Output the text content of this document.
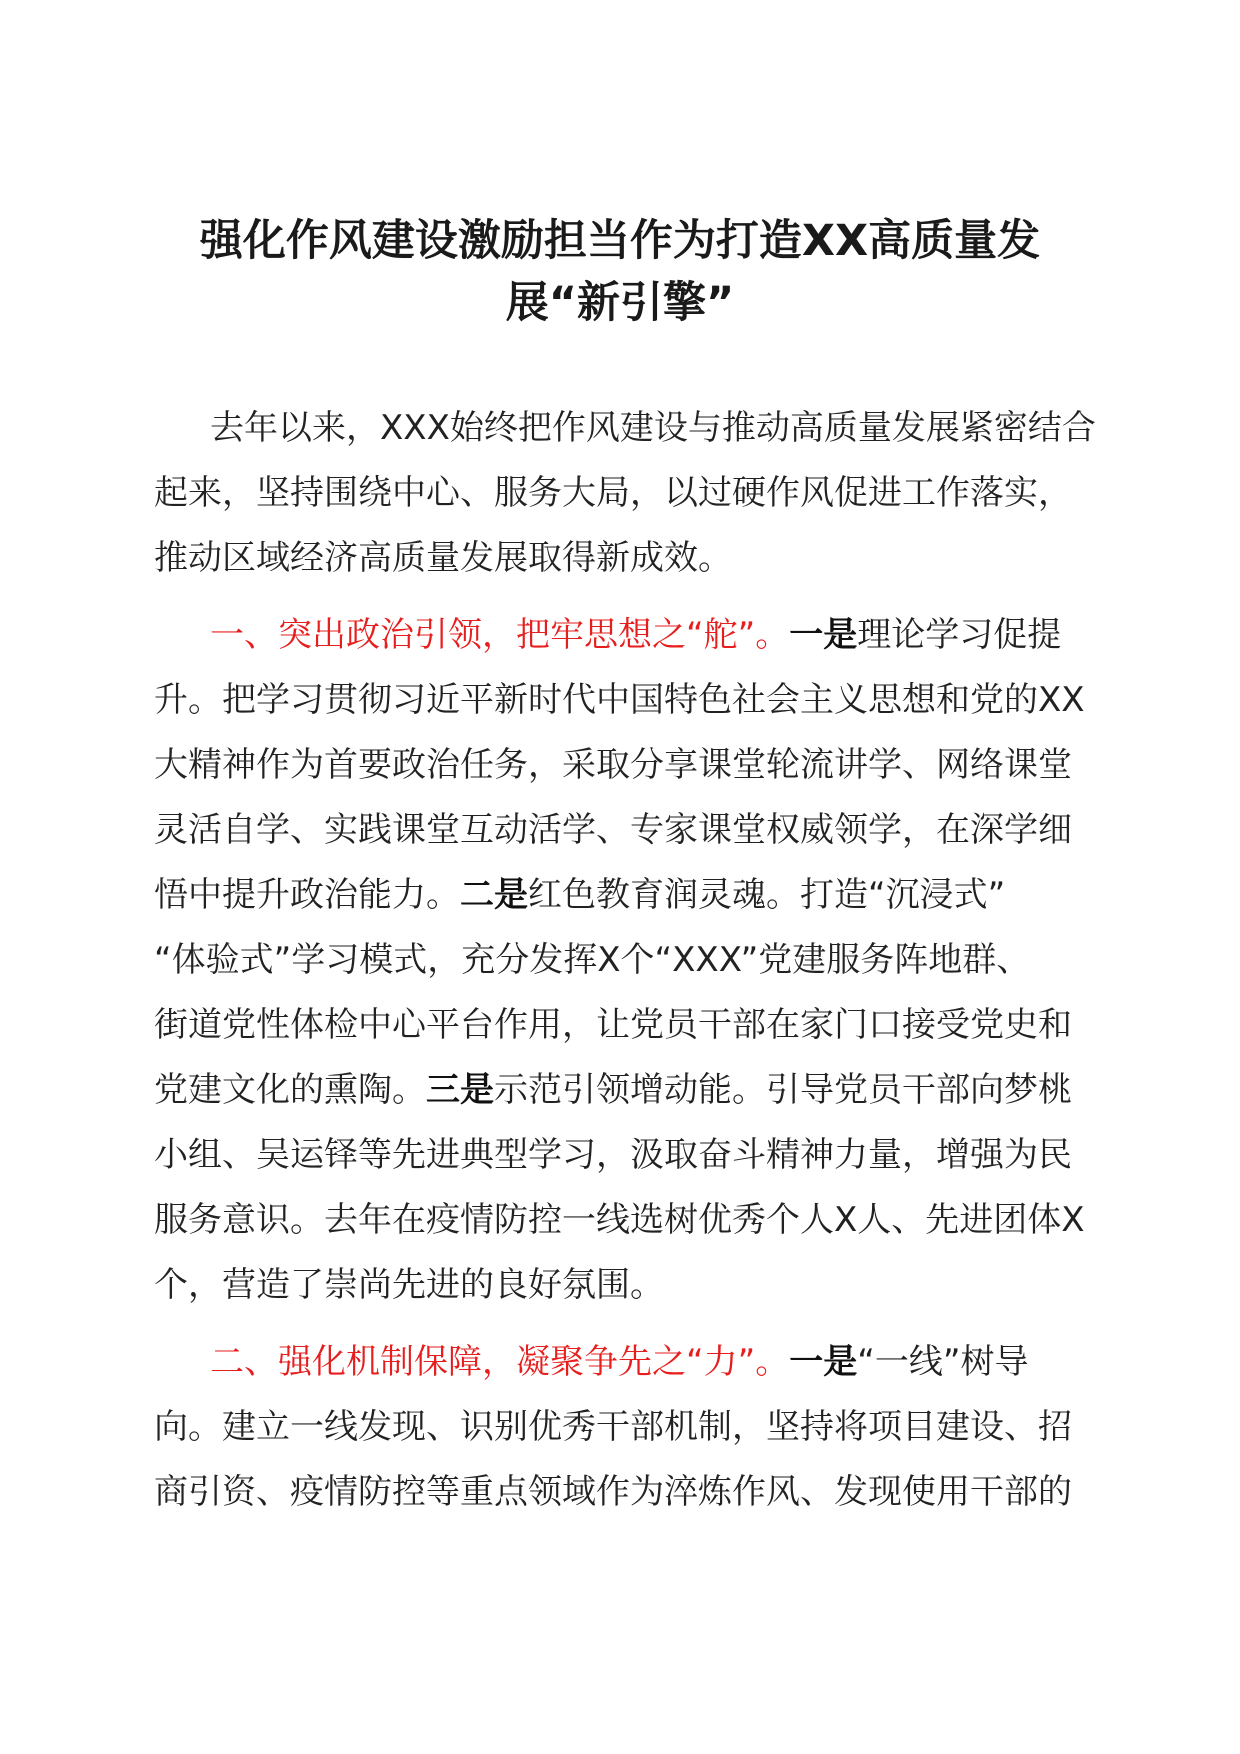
强化作风建设激励担当作为打造XX高质量发
展“新引擎”
去年以来，XXX始终把作风建设与推动高质量发展紧密结合
起来，坚持围绕中心、服务大局，以过硬作风促进工作落实，
推动区域经济高质量发展取得新成效。
一、突出政治引领，把牢思想之“舵”。一是理论学习促提
升。把学习贯彻习近平新时代中国特色社会主义思想和党的XX
大精神作为首要政治任务，采取分享课堂轮流讲学、网络课堂
灵活自学、实践课堂互动活学、专家课堂权威领学，在深学细
悟中提升政治能力。二是红色教育润灵魂。打造“沉浸式”
“体验式”学习模式，充分发挥X个“XXX”党建服务阵地群、
街道党性体检中心平台作用，让党员干部在家门口接受党史和
党建文化的熏陶。三是示范引领增动能。引导党员干部向梦桃
小组、吴运铎等先进典型学习，汲取奋斗精神力量，增强为民
服务意识。去年在疫情防控一线选树优秀个人X人、先进团体X
个，营造了崇尚先进的良好氛围。
二、强化机制保障，凝聚争先之“力”。一是“一线”树导
向。建立一线发现、识别优秀干部机制，坚持将项目建设、招
商引资、疫情防控等重点领域作为淬炼作风、发现使用干部的
